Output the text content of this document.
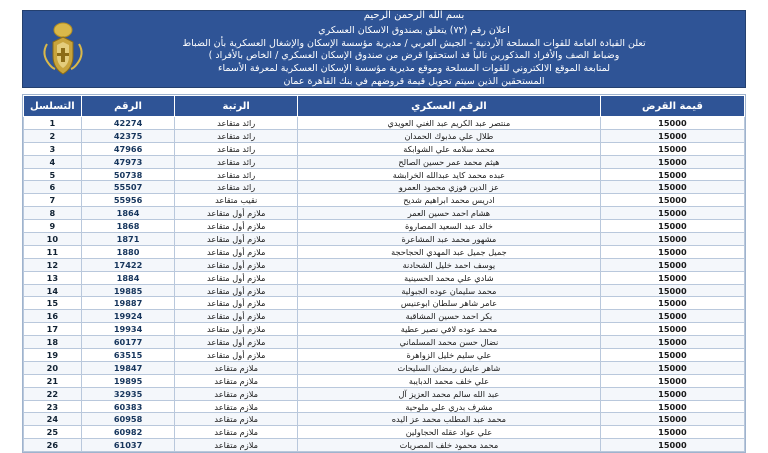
بسم الله الرحمن الرحيم
اعلان رقم (٧٢) يتعلق بصندوق الاسكان العسكري
تعلن القيادة العامة للقوات المسلحة الأردنية - الجيش العربي / مديرية مؤسسة الإسكان والإشغال العسكرية بأن الضباط
وضباط الصف والأفراد المذكورين تالياً قد استحقوا قرض من صندوق الإسكان العسكري / الخاص بالأفراد )
لمتابعة الموقع الالكتروني للقوات المسلحة وموقع مديرية مؤسسة الإسكان العسكرية لمعرفة الأسماء
المستحقين الذين سيتم تحويل قيمة قروضهم في بنك القاهرة عمان
قيمة القرض	الرقم العسكري	الرتبة	الرقم	التسلسل
15000	منتصر عبد الكريم عبد الغني العويدي	رائد متقاعد	42274	1
15000	طلال علي مذبوك الحمدان	رائد متقاعد	42375	2
15000	محمد سلامه علي الشوابكة	رائد متقاعد	47966	3
15000	هيثم محمد عمر حسين الصالح	رائد متقاعد	47973	4
15000	عبده محمد كايد عبدالله الخرابشة	رائد متقاعد	50738	5
15000	عز الدين فوزي محمود العمرو	رائد متقاعد	55507	6
15000	ادريس محمد ابراهيم شديح	نقيب متقاعد	55956	7
15000	هشام احمد حسين العمر	ملازم أول متقاعد	1864	8
15000	خالد عبد السعيد المصاروة	ملازم أول متقاعد	1868	9
15000	مشهور محمد عبد المشاعرة	ملازم أول متقاعد	1871	10
15000	جميل جميل عبد المهدي الحجاحجة	ملازم أول متقاعد	1880	11
15000	يوسف احمد خليل الشحادنة	ملازم أول متقاعد	17422	12
15000	شادي علي محمد الحسينية	ملازم أول متقاعد	1884	13
15000	محمد سليمان عوده الجبولية	ملازم أول متقاعد	19885	14
15000	عامر شاهر سلطان ابوعنيس	ملازم أول متقاعد	19887	15
15000	بكر احمد حسين المشاقبة	ملازم أول متقاعد	19924	16
15000	محمد عوده لافي نصير عطية	ملازم أول متقاعد	19934	17
15000	نضال حسن محمد المسلماني	ملازم أول متقاعد	60177	18
15000	علي سليم خليل الزواهرة	ملازم أول متقاعد	63515	19
15000	شاهر عايش رمضان السليحات	ملازم متقاعد	19847	20
15000	علي خلف محمد الدبايبة	ملازم متقاعد	19895	21
15000	عبد الله سالم محمد العزيز آل	ملازم متقاعد	32935	22
15000	مشرف بدري علي ملوحية	ملازم متقاعد	60383	23
15000	محمد عبد المطلب محمد عز اليده	ملازم متقاعد	60958	24
15000	علي عواد عقله الحجاولين	ملازم متقاعد	60982	25
15000	محمد محمود خلف المصريات	ملازم متقاعد	61037	26
